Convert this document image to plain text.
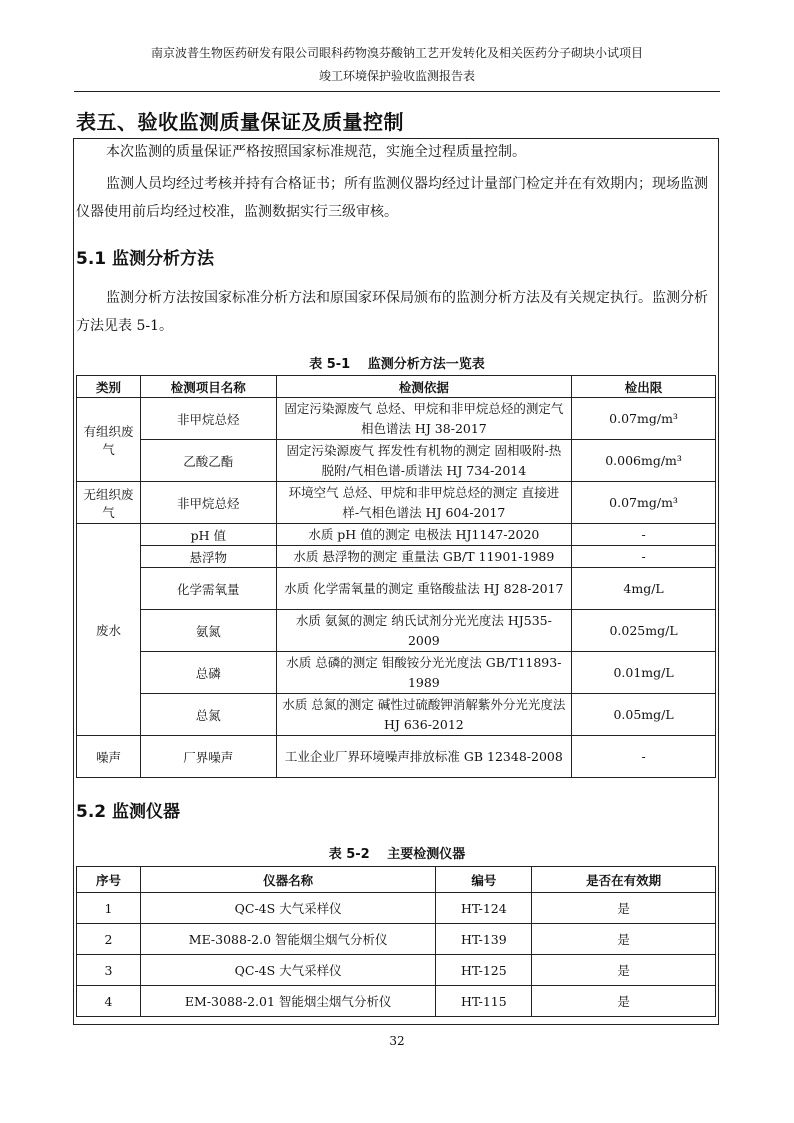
南京波普生物医药研发有限公司眼科药物溴芬酸钠工艺开发转化及相关医药分子砌块小试项目
竣工环境保护验收监测报告表
表五、验收监测质量保证及质量控制
本次监测的质量保证严格按照国家标准规范，实施全过程质量控制。
监测人员均经过考核并持有合格证书；所有监测仪器均经过计量部门检定并在有效期内；现场监测仪器使用前后均经过校准，监测数据实行三级审核。
5.1 监测分析方法
监测分析方法按国家标准分析方法和原国家环保局颁布的监测分析方法及有关规定执行。监测分析方法见表 5-1。
表 5-1　 监测分析方法一览表
类别	检测项目名称	检测依据	检出限
有组织废气	非甲烷总烃	固定污染源废气 总烃、甲烷和非甲烷总烃的测定气相色谱法 HJ 38-2017	0.07mg/m³
	乙酸乙酯	固定污染源废气 挥发性有机物的测定 固相吸附-热脱附/气相色谱-质谱法 HJ 734-2014	0.006mg/m³
无组织废气	非甲烷总烃	环境空气 总烃、甲烷和非甲烷总烃的测定 直接进样-气相色谱法 HJ 604-2017	0.07mg/m³
废水	pH 值	水质 pH 值的测定 电极法 HJ1147-2020	-
	悬浮物	水质 悬浮物的测定 重量法 GB/T 11901-1989	-
	化学需氧量	水质 化学需氧量的测定 重铬酸盐法 HJ 828-2017	4mg/L
	氨氮	水质 氨氮的测定 纳氏试剂分光光度法 HJ535-2009	0.025mg/L
	总磷	水质 总磷的测定 钼酸铵分光光度法 GB/T11893-1989	0.01mg/L
	总氮	水质 总氮的测定 碱性过硫酸钾消解紫外分光光度法 HJ 636-2012	0.05mg/L
噪声	厂界噪声	工业企业厂界环境噪声排放标准 GB 12348-2008	-
5.2 监测仪器
表 5-2　 主要检测仪器
序号	仪器名称	编号	是否在有效期
1	QC-4S 大气采样仪	HT-124	是
2	ME-3088-2.0 智能烟尘烟气分析仪	HT-139	是
3	QC-4S 大气采样仪	HT-125	是
4	EM-3088-2.01 智能烟尘烟气分析仪	HT-115	是
32
